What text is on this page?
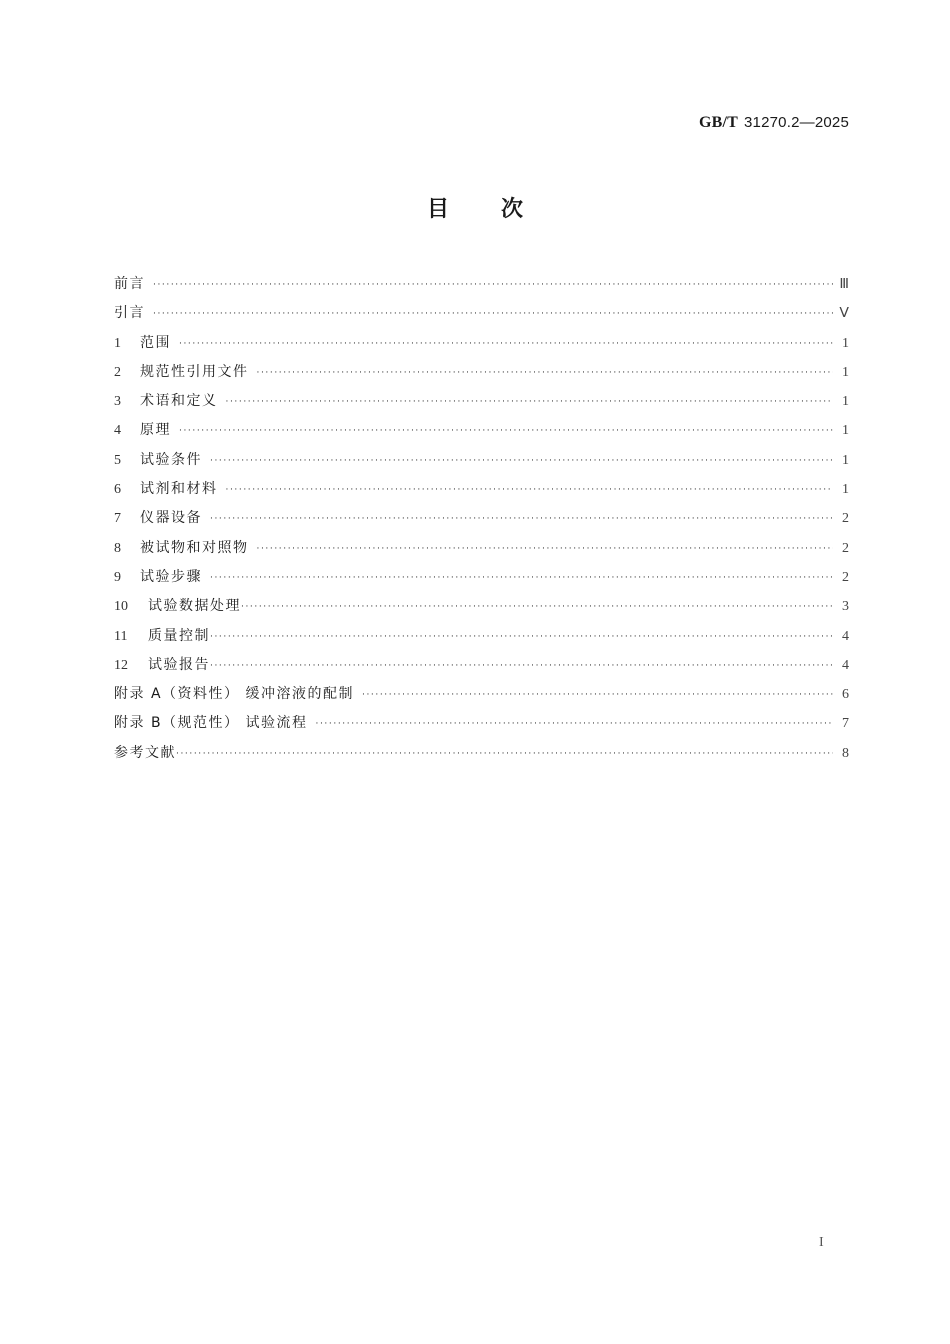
GB/T 31270.2—2025
目 次
前言 ·····	Ⅲ
引言 ·····	Ⅴ
1	范围 ·····	1
2	规范性引用文件 ·····	1
3	术语和定义 ·····	1
4	原理 ·····	1
5	试验条件 ·····	1
6	试剂和材料 ·····	1
7	仪器设备 ·····	2
8	被试物和对照物 ·····	2
9	试验步骤 ·····	2
10	试验数据处理 ·····	3
11	质量控制 ·····	4
12	试验报告 ·····	4
附录 A（资料性） 缓冲溶液的配制 ·····	6
附录 B（规范性） 试验流程 ·····	7
参考文献 ·····	8
I
